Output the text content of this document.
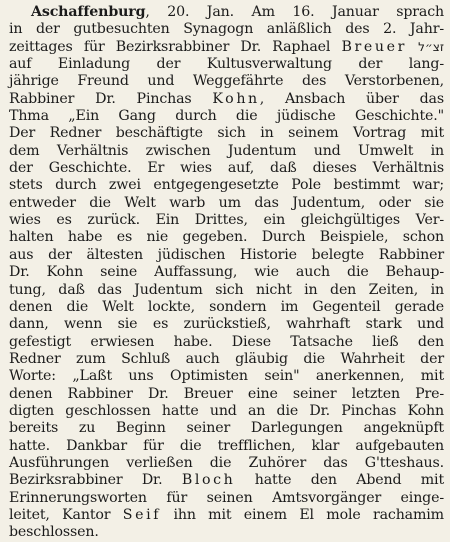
Aschaffenburg, 20. Jan. Am 16. Januar sprach
in der gutbesuchten Synagogn anläßlich des 2. Jahr-
zeittages für Bezirksrabbiner Dr. Raphael Breuer זצ״ל
auf Einladung der Kultusverwaltung der lang-
jährige Freund und Weggefährte des Verstorbenen,
Rabbiner Dr. Pinchas Kohn, Ansbach über das
Thma „Ein Gang durch die jüdische Geschichte."
Der Redner beschäftigte sich in seinem Vortrag mit
dem Verhältnis zwischen Judentum und Umwelt in
der Geschichte. Er wies auf, daß dieses Verhältnis
stets durch zwei entgegengesetzte Pole bestimmt war;
entweder die Welt warb um das Judentum, oder sie
wies es zurück. Ein Drittes, ein gleichgültiges Ver-
halten habe es nie gegeben. Durch Beispiele, schon
aus der ältesten jüdischen Historie belegte Rabbiner
Dr. Kohn seine Auffassung, wie auch die Behaup-
tung, daß das Judentum sich nicht in den Zeiten, in
denen die Welt lockte, sondern im Gegenteil gerade
dann, wenn sie es zurückstieß, wahrhaft stark und
gefestigt erwiesen habe. Diese Tatsache ließ den
Redner zum Schluß auch gläubig die Wahrheit der
Worte: „Laßt uns Optimisten sein" anerkennen, mit
denen Rabbiner Dr. Breuer eine seiner letzten Pre-
digten geschlossen hatte und an die Dr. Pinchas Kohn
bereits zu Beginn seiner Darlegungen angeknüpft
hatte. Dankbar für die trefflichen, klar aufgebauten
Ausführungen verließen die Zuhörer das G'tteshaus.
Bezirksrabbiner Dr. Bloch hatte den Abend mit
Erinnerungsworten für seinen Amtsvorgänger einge-
leitet, Kantor Seif ihn mit einem El mole rachamim
beschlossen.
